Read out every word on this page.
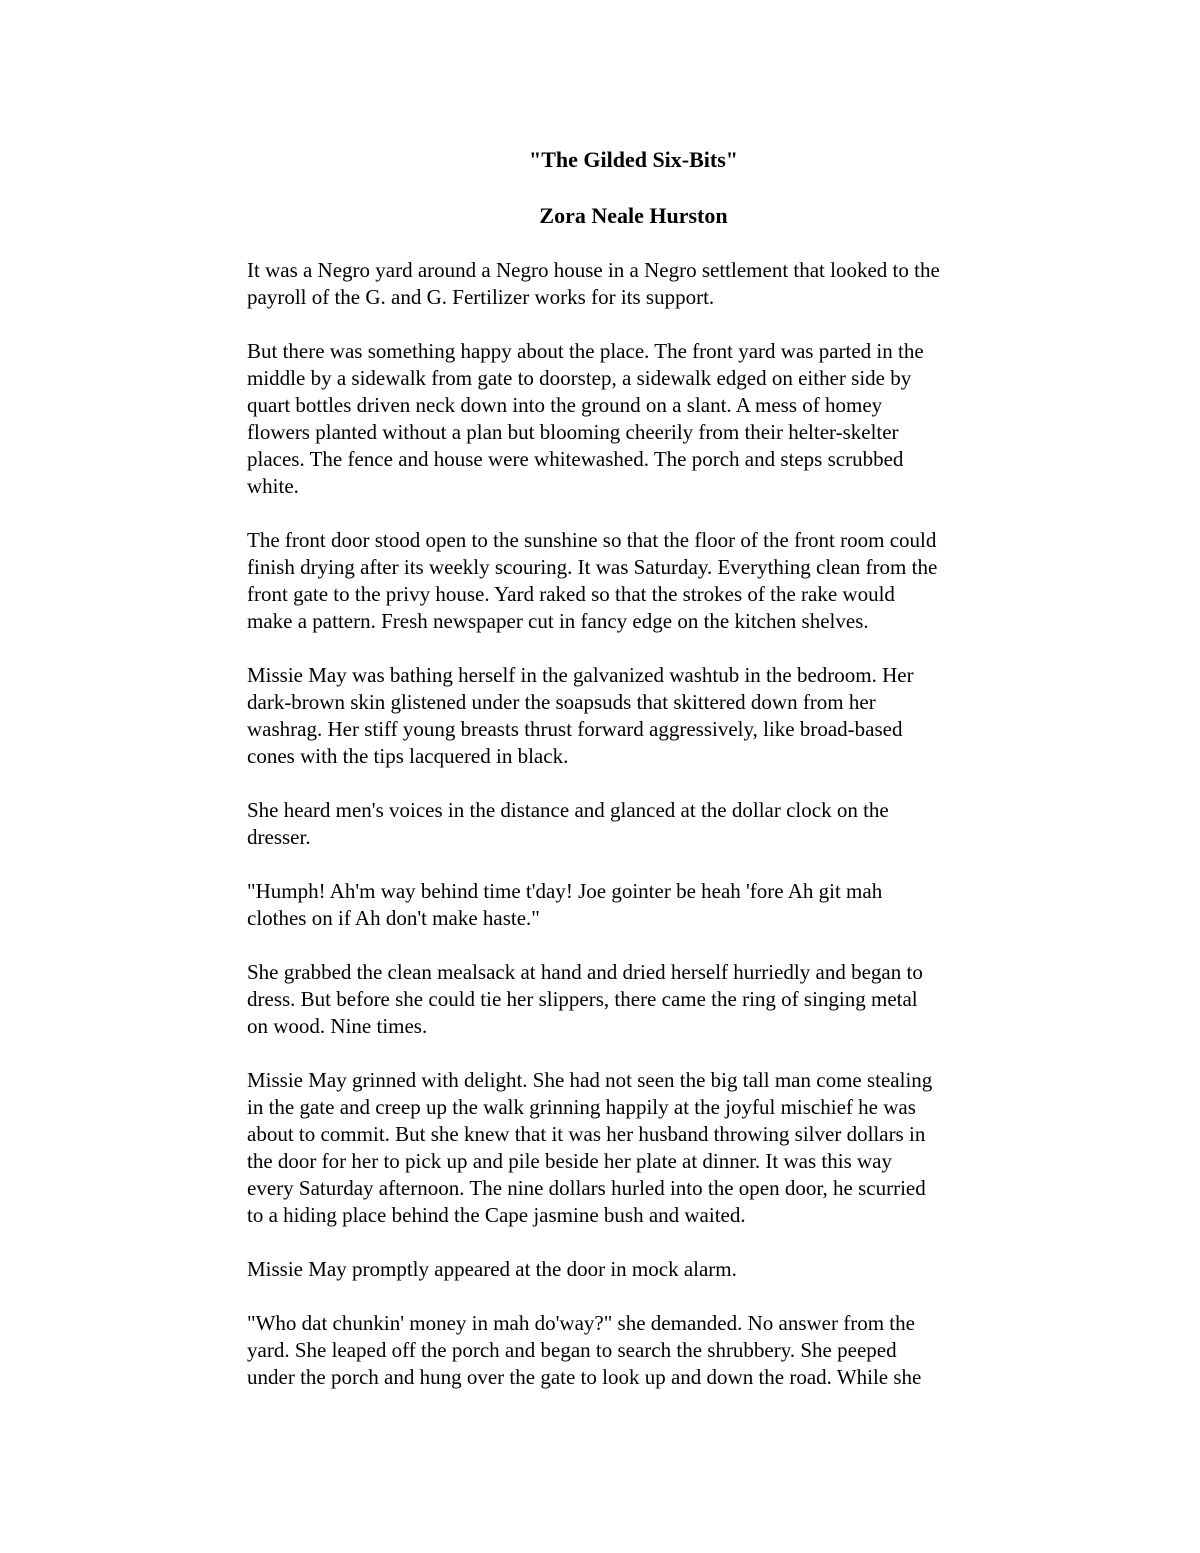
"The Gilded Six-Bits"
Zora Neale Hurston

It was a Negro yard around a Negro house in a Negro settlement that looked to the
payroll of the G. and G. Fertilizer works for its support.

But there was something happy about the place. The front yard was parted in the
middle by a sidewalk from gate to doorstep, a sidewalk edged on either side by
quart bottles driven neck down into the ground on a slant. A mess of homey
flowers planted without a plan but blooming cheerily from their helter-skelter
places. The fence and house were whitewashed. The porch and steps scrubbed
white.

The front door stood open to the sunshine so that the floor of the front room could
finish drying after its weekly scouring. It was Saturday. Everything clean from the
front gate to the privy house. Yard raked so that the strokes of the rake would
make a pattern. Fresh newspaper cut in fancy edge on the kitchen shelves.

Missie May was bathing herself in the galvanized washtub in the bedroom. Her
dark-brown skin glistened under the soapsuds that skittered down from her
washrag. Her stiff young breasts thrust forward aggressively, like broad-based
cones with the tips lacquered in black.

She heard men's voices in the distance and glanced at the dollar clock on the
dresser.

"Humph! Ah'm way behind time t'day! Joe gointer be heah 'fore Ah git mah
clothes on if Ah don't make haste."

She grabbed the clean mealsack at hand and dried herself hurriedly and began to
dress. But before she could tie her slippers, there came the ring of singing metal
on wood. Nine times.

Missie May grinned with delight. She had not seen the big tall man come stealing
in the gate and creep up the walk grinning happily at the joyful mischief he was
about to commit. But she knew that it was her husband throwing silver dollars in
the door for her to pick up and pile beside her plate at dinner. It was this way
every Saturday afternoon. The nine dollars hurled into the open door, he scurried
to a hiding place behind the Cape jasmine bush and waited.

Missie May promptly appeared at the door in mock alarm.

"Who dat chunkin' money in mah do'way?" she demanded. No answer from the
yard. She leaped off the porch and began to search the shrubbery. She peeped
under the porch and hung over the gate to look up and down the road. While she
